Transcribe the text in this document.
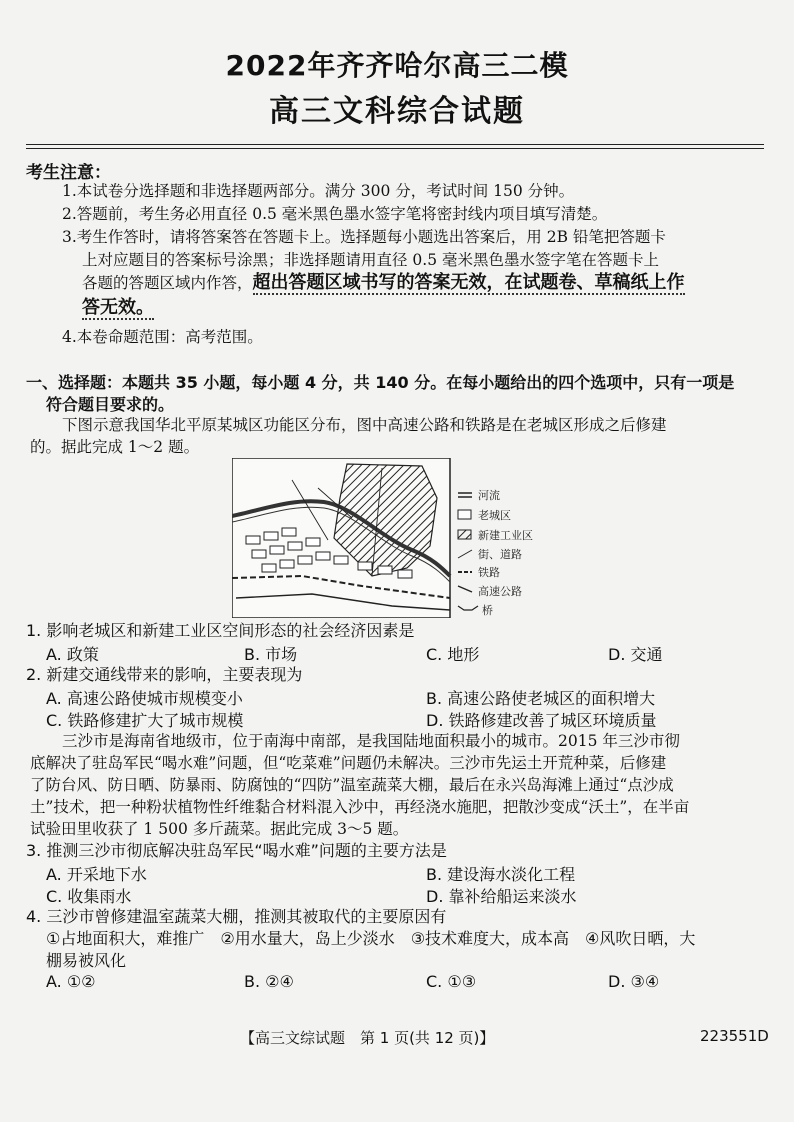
2022年齐齐哈尔高三二模
高三文科综合试题
考生注意：
1.本试卷分选择题和非选择题两部分。满分 300 分，考试时间 150 分钟。
2.答题前，考生务必用直径 0.5 毫米黑色墨水签字笔将密封线内项目填写清楚。
3.考生作答时，请将答案答在答题卡上。选择题每小题选出答案后，用 2B 铅笔把答题卡
上对应题目的答案标号涂黑；非选择题请用直径 0.5 毫米黑色墨水签字笔在答题卡上
各题的答题区域内作答，超出答题区域书写的答案无效，在试题卷、草稿纸上作
答无效。
4.本卷命题范围：高考范围。
一、选择题：本题共 35 小题，每小题 4 分，共 140 分。在每小题给出的四个选项中，只有一项是
符合题目要求的。
下图示意我国华北平原某城区功能区分布，图中高速公路和铁路是在老城区形成之后修建
的。据此完成 1～2 题。
河流
老城区
新建工业区
街、道路
铁路
高速公路
桥
1. 影响老城区和新建工业区空间形态的社会经济因素是
A. 政策	B. 市场	C. 地形	D. 交通
2. 新建交通线带来的影响，主要表现为
A. 高速公路使城市规模变小	B. 高速公路使老城区的面积增大
C. 铁路修建扩大了城市规模	D. 铁路修建改善了城区环境质量
三沙市是海南省地级市，位于南海中南部，是我国陆地面积最小的城市。2015 年三沙市彻
底解决了驻岛军民“喝水难”问题，但“吃菜难”问题仍未解决。三沙市先运土开荒种菜，后修建
了防台风、防日晒、防暴雨、防腐蚀的“四防”温室蔬菜大棚，最后在永兴岛海滩上通过“点沙成
土”技术，把一种粉状植物性纤维黏合材料混入沙中，再经浇水施肥，把散沙变成“沃土”，在半亩
试验田里收获了 1 500 多斤蔬菜。据此完成 3～5 题。
3. 推测三沙市彻底解决驻岛军民“喝水难”问题的主要方法是
A. 开采地下水	B. 建设海水淡化工程
C. 收集雨水	D. 靠补给船运来淡水
4. 三沙市曾修建温室蔬菜大棚，推测其被取代的主要原因有
①占地面积大，难推广　②用水量大，岛上少淡水　③技术难度大，成本高　④风吹日晒，大
棚易被风化
A. ①②	B. ②④	C. ①③	D. ③④
【高三文综试题　第 1 页(共 12 页)】	223551D
